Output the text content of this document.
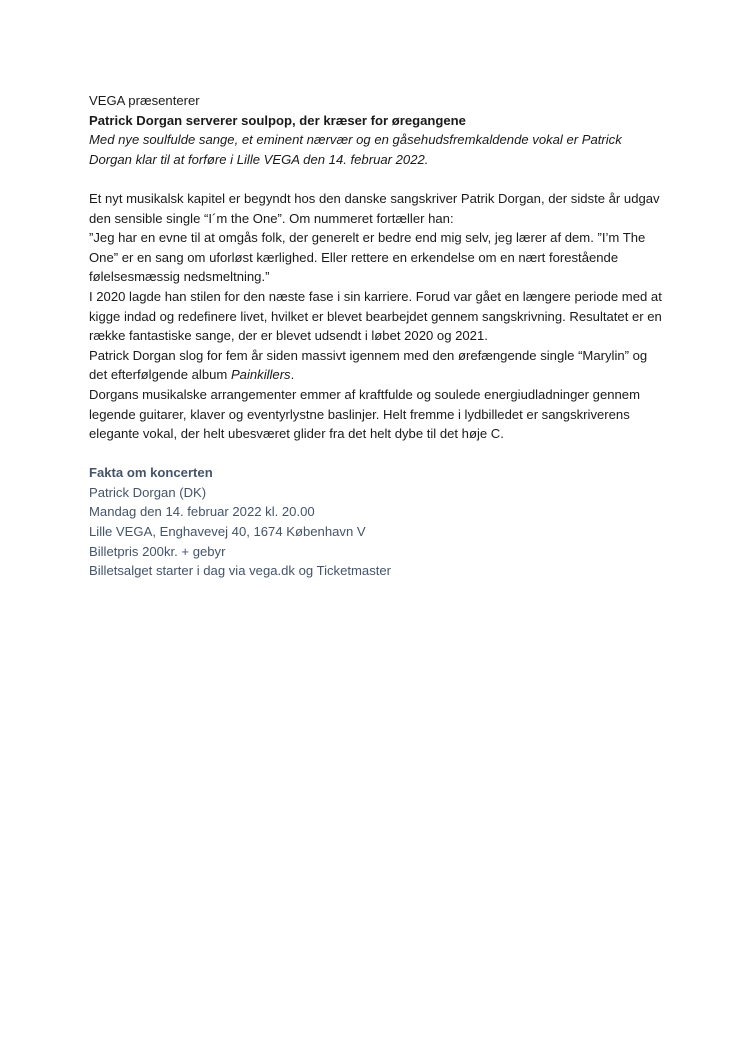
VEGA præsenterer

Patrick Dorgan serverer soulpop, der kræser for øregangene

Med nye soulfulde sange, et eminent nærvær og en gåsehudsfremkaldende vokal er Patrick Dorgan klar til at forføre i Lille VEGA den 14. februar 2022.

Et nyt musikalsk kapitel er begyndt hos den danske sangskriver Patrik Dorgan, der sidste år udgav den sensible single “I´m the One”. Om nummeret fortæller han:

”Jeg har en evne til at omgås folk, der generelt er bedre end mig selv, jeg lærer af dem. ”I’m The One” er en sang om uforløst kærlighed. Eller rettere en erkendelse om en nært forestående følelsesmæssig nedsmeltning.”

I 2020 lagde han stilen for den næste fase i sin karriere. Forud var gået en længere periode med at kigge indad og redefinere livet, hvilket er blevet bearbejdet gennem sangskrivning. Resultatet er en række fantastiske sange, der er blevet udsendt i løbet 2020 og 2021.

Patrick Dorgan slog for fem år siden massivt igennem med den ørefængende single “Marylin” og det efterfølgende album Painkillers.

Dorgans musikalske arrangementer emmer af kraftfulde og soulede energiudladninger gennem legende guitarer, klaver og eventyrlystne baslinjer. Helt fremme i lydbilledet er sangskriverens elegante vokal, der helt ubesværet glider fra det helt dybe til det høje C.

Fakta om koncerten

Patrick Dorgan (DK)

Mandag den 14. februar 2022 kl. 20.00

Lille VEGA, Enghavevej 40, 1674 København V

Billetpris 200kr. + gebyr

Billetsalget starter i dag via vega.dk og Ticketmaster
